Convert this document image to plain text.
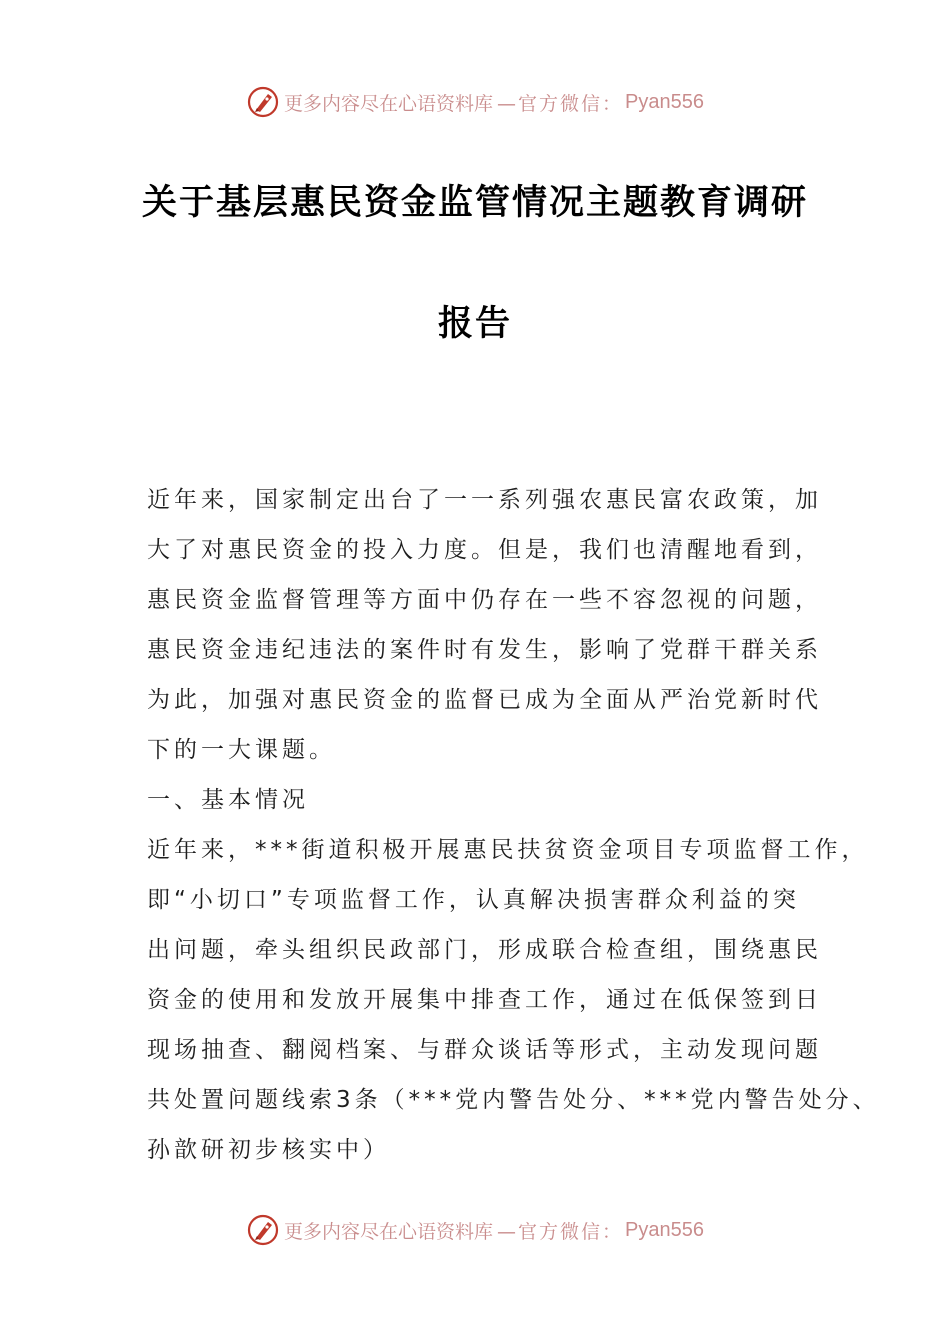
更多内容尽在心语资料库 —官方微信： Pyan556
关于基层惠民资金监管情况主题教育调研
报告
近年来，国家制定出台了一一系列强农惠民富农政策，加
大了对惠民资金的投入力度。但是，我们也清醒地看到，
惠民资金监督管理等方面中仍存在一些不容忽视的问题，
惠民资金违纪违法的案件时有发生，影响了党群干群关系
为此，加强对惠民资金的监督已成为全面从严治党新时代
下的一大课题。
一、基本情况
近年来，***街道积极开展惠民扶贫资金项目专项监督工作，
即“小切口”专项监督工作，认真解决损害群众利益的突
出问题，牵头组织民政部门，形成联合检查组，围绕惠民
资金的使用和发放开展集中排查工作，通过在低保签到日
现场抽查、翻阅档案、与群众谈话等形式，主动发现问题
共处置问题线索3条（***党内警告处分、***党内警告处分、
孙歆研初步核实中）
更多内容尽在心语资料库 —官方微信： Pyan556
